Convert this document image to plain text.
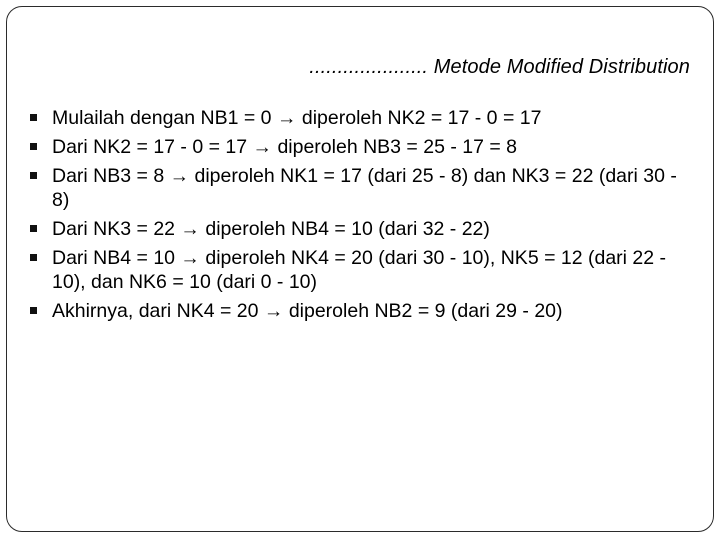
..................... Metode Modified Distribution
Mulailah dengan NB1 = 0 → diperoleh NK2 = 17 - 0 = 17
Dari NK2 = 17 - 0 = 17 → diperoleh NB3 = 25 - 17 = 8
Dari NB3 = 8 → diperoleh NK1 = 17 (dari 25 - 8) dan NK3 = 22 (dari 30 - 8)
Dari NK3 = 22 → diperoleh NB4 = 10 (dari 32 - 22)
Dari NB4 = 10 → diperoleh NK4 = 20 (dari 30 - 10), NK5 = 12 (dari 22 - 10), dan NK6 = 10 (dari 0 - 10)
Akhirnya, dari NK4 = 20 → diperoleh NB2 = 9 (dari 29 - 20)
